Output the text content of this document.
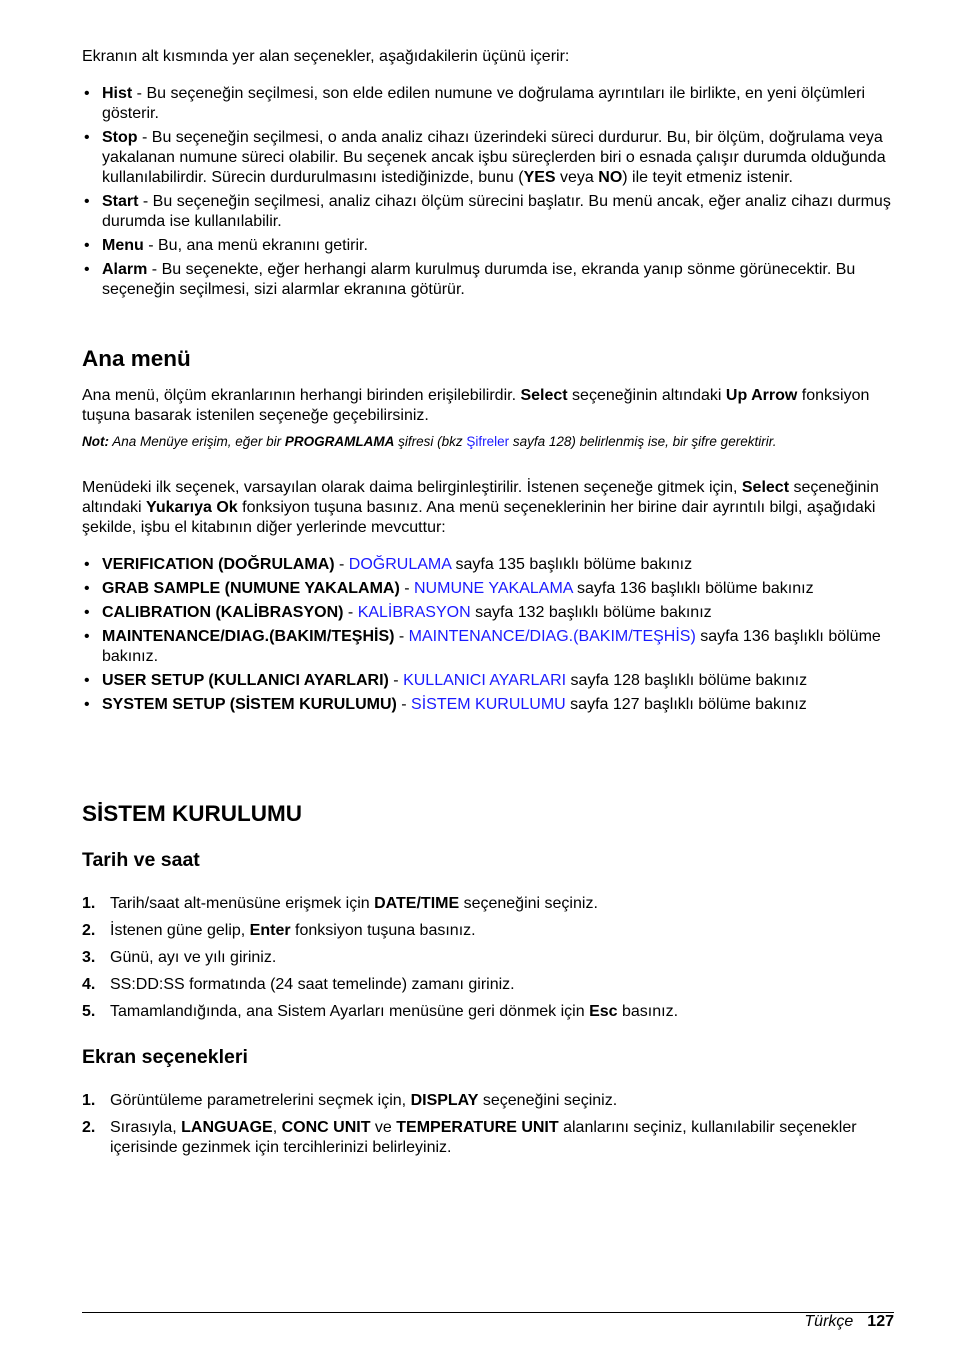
Ekranın alt kısmında yer alan seçenekler, aşağıdakilerin üçünü içerir:

• Hist - Bu seçeneğin seçilmesi, son elde edilen numune ve doğrulama ayrıntıları ile birlikte, en yeni ölçümleri gösterir.
• Stop - Bu seçeneğin seçilmesi, o anda analiz cihazı üzerindeki süreci durdurur. Bu, bir ölçüm, doğrulama veya yakalanan numune süreci olabilir. Bu seçenek ancak işbu süreçlerden biri o esnada çalışır durumda olduğunda kullanılabilirdir. Sürecin durdurulmasını istediğinizde, bunu (YES veya NO) ile teyit etmeniz istenir.
• Start - Bu seçeneğin seçilmesi, analiz cihazı ölçüm sürecini başlatır. Bu menü ancak, eğer analiz cihazı durmuş durumda ise kullanılabilir.
• Menu - Bu, ana menü ekranını getirir.
• Alarm - Bu seçenekte, eğer herhangi alarm kurulmuş durumda ise, ekranda yanıp sönme görünecektir. Bu seçeneğin seçilmesi, sizi alarmlar ekranına götürür.
Ana menü

Ana menü, ölçüm ekranlarının herhangi birinden erişilebilirdir. Select seçeneğinin altındaki Up Arrow fonksiyon tuşuna basarak istenilen seçeneğe geçebilirsiniz.

Not: Ana Menüye erişim, eğer bir PROGRAMLAMA şifresi (bkz Şifreler sayfa 128) belirlenmiş ise, bir şifre gerektirir.

Menüdeki ilk seçenek, varsayılan olarak daima belirginleştirilir. İstenen seçeneğe gitmek için, Select seçeneğinin altındaki Yukarıya Ok fonksiyon tuşuna basınız. Ana menü seçeneklerinin her birine dair ayrıntılı bilgi, aşağıdaki şekilde, işbu el kitabının diğer yerlerinde mevcuttur:

• VERIFICATION (DOĞRULAMA) - DOĞRULAMA sayfa 135 başlıklı bölüme bakınız
• GRAB SAMPLE (NUMUNE YAKALAMA) - NUMUNE YAKALAMA sayfa 136 başlıklı bölüme bakınız
• CALIBRATION (KALİBRASYON) - KALİBRASYON sayfa 132 başlıklı bölüme bakınız
• MAINTENANCE/DIAG.(BAKIM/TEŞHİS) - MAINTENANCE/DIAG.(BAKIM/TEŞHİS) sayfa 136 başlıklı bölüme bakınız.
• USER SETUP (KULLANICI AYARLARI) - KULLANICI AYARLARI sayfa 128 başlıklı bölüme bakınız
• SYSTEM SETUP (SİSTEM KURULUMU) - SİSTEM KURULUMU sayfa 127 başlıklı bölüme bakınız
SİSTEM KURULUMU
Tarih ve saat
1. Tarih/saat alt-menüsüne erişmek için DATE/TIME seçeneğini seçiniz.
2. İstenen güne gelip, Enter fonksiyon tuşuna basınız.
3. Günü, ayı ve yılı giriniz.
4. SS:DD:SS formatında (24 saat temelinde) zamanı giriniz.
5. Tamamlandığında, ana Sistem Ayarları menüsüne geri dönmek için Esc basınız.
Ekran seçenekleri
1. Görüntüleme parametrelerini seçmek için, DISPLAY seçeneğini seçiniz.
2. Sırasıyla, LANGUAGE, CONC UNIT ve TEMPERATURE UNIT alanlarını seçiniz, kullanılabilir seçenekler içerisinde gezinmek için tercihlerinizi belirleyiniz.
Türkçe 127
